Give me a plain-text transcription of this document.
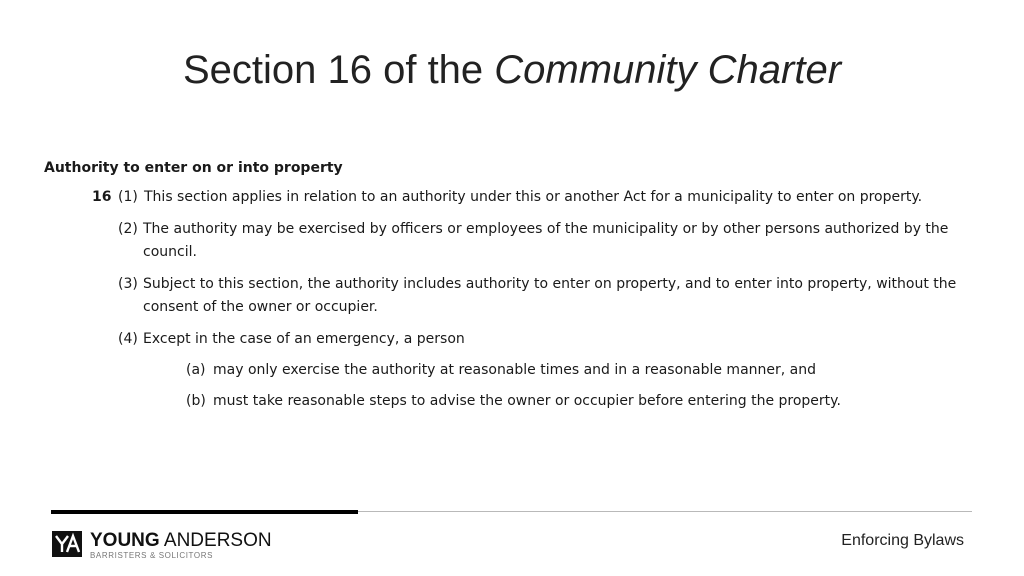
Section 16 of the Community Charter
Authority to enter on or into property
16 (1) This section applies in relation to an authority under this or another Act for a municipality to enter on property.
(2) The authority may be exercised by officers or employees of the municipality or by other persons authorized by the council.
(3) Subject to this section, the authority includes authority to enter on property, and to enter into property, without the consent of the owner or occupier.
(4) Except in the case of an emergency, a person
(a) may only exercise the authority at reasonable times and in a reasonable manner, and
(b) must take reasonable steps to advise the owner or occupier before entering the property.
YOUNG ANDERSON
BARRISTERS & SOLICITORS
Enforcing Bylaws
